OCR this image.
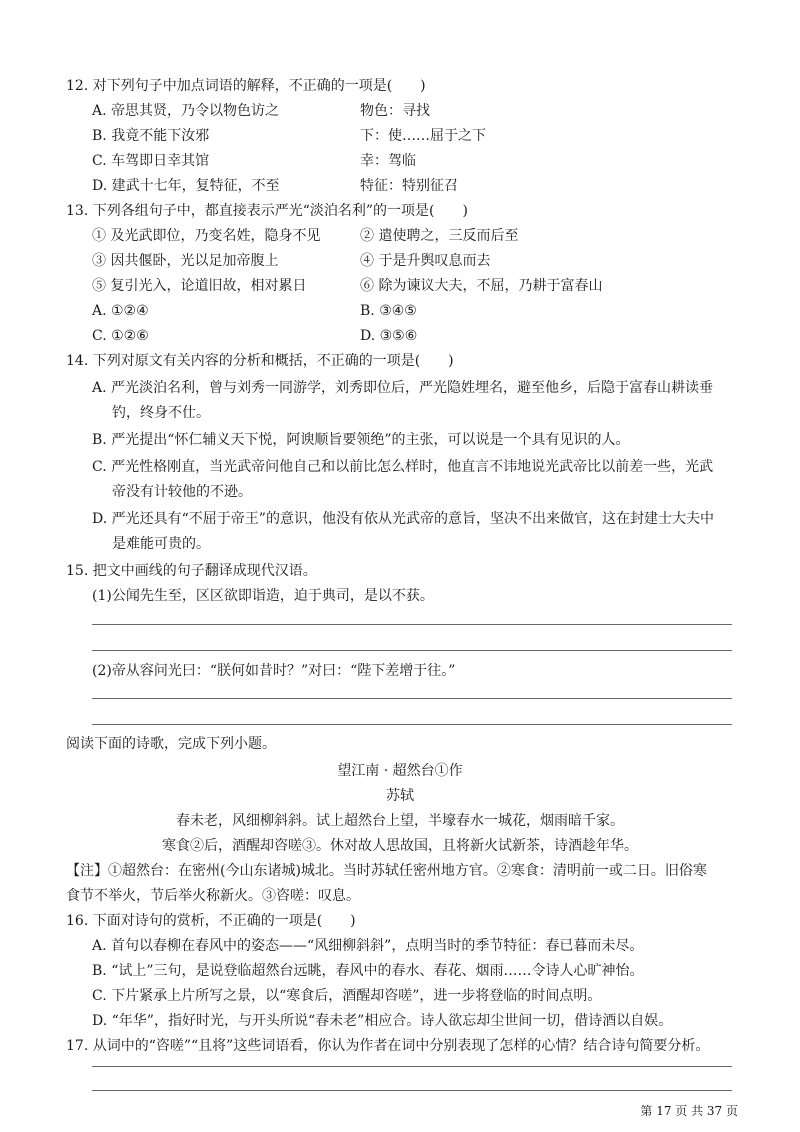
12. 对下列句子中加点词语的解释，不正确的一项是(　　)
A. 帝思其贤，乃令以物色访之	物色：寻找
B. 我竟不能下汝邪	下：使……屈于之下
C. 车驾即日幸其馆	幸：驾临
D. 建武十七年，复特征，不至	特征：特别征召
13. 下列各组句子中，都直接表示严光“淡泊名利”的一项是(　　)
① 及光武即位，乃变名姓，隐身不见	② 遣使聘之，三反而后至
③ 因共偃卧，光以足加帝腹上	④ 于是升舆叹息而去
⑤ 复引光入，论道旧故，相对累日	⑥ 除为谏议大夫，不屈，乃耕于富春山
A. ①②④	B. ③④⑤
C. ①②⑥	D. ③⑤⑥
14. 下列对原文有关内容的分析和概括，不正确的一项是(　　)
A. 严光淡泊名利，曾与刘秀一同游学，刘秀即位后，严光隐姓埋名，避至他乡，后隐于富春山耕读垂
钓，终身不仕。
B. 严光提出“怀仁辅义天下悦，阿谀顺旨要领绝”的主张，可以说是一个具有见识的人。
C. 严光性格刚直，当光武帝问他自己和以前比怎么样时，他直言不讳地说光武帝比以前差一些，光武
帝没有计较他的不逊。
D. 严光还具有“不屈于帝王”的意识，他没有依从光武帝的意旨，坚决不出来做官，这在封建士大夫中
是难能可贵的。
15. 把文中画线的句子翻译成现代汉语。
(1)公闻先生至，区区欲即诣造，迫于典司，是以不获。
(2)帝从容问光曰：“朕何如昔时？”对曰：“陛下差增于往。”
阅读下面的诗歌，完成下列小题。
望江南 · 超然台①作
苏轼
春未老，风细柳斜斜。试上超然台上望，半壕春水一城花，烟雨暗千家。
寒食②后，酒醒却咨嗟③。休对故人思故国，且将新火试新茶，诗酒趁年华。
【注】①超然台：在密州(今山东诸城)城北。当时苏轼任密州地方官。②寒食：清明前一或二日。旧俗寒
食节不举火，节后举火称新火。③咨嗟：叹息。
16. 下面对诗句的赏析，不正确的一项是(　　)
A. 首句以春柳在春风中的姿态——“风细柳斜斜”，点明当时的季节特征：春已暮而未尽。
B. “试上”三句，是说登临超然台远眺，春风中的春水、春花、烟雨……令诗人心旷神怡。
C. 下片紧承上片所写之景，以“寒食后，酒醒却咨嗟”，进一步将登临的时间点明。
D. “年华”，指好时光，与开头所说“春未老”相应合。诗人欲忘却尘世间一切，借诗酒以自娱。
17. 从词中的“咨嗟”“且将”这些词语看，你认为作者在词中分别表现了怎样的心情？结合诗句简要分析。
第 17 页 共 37 页
